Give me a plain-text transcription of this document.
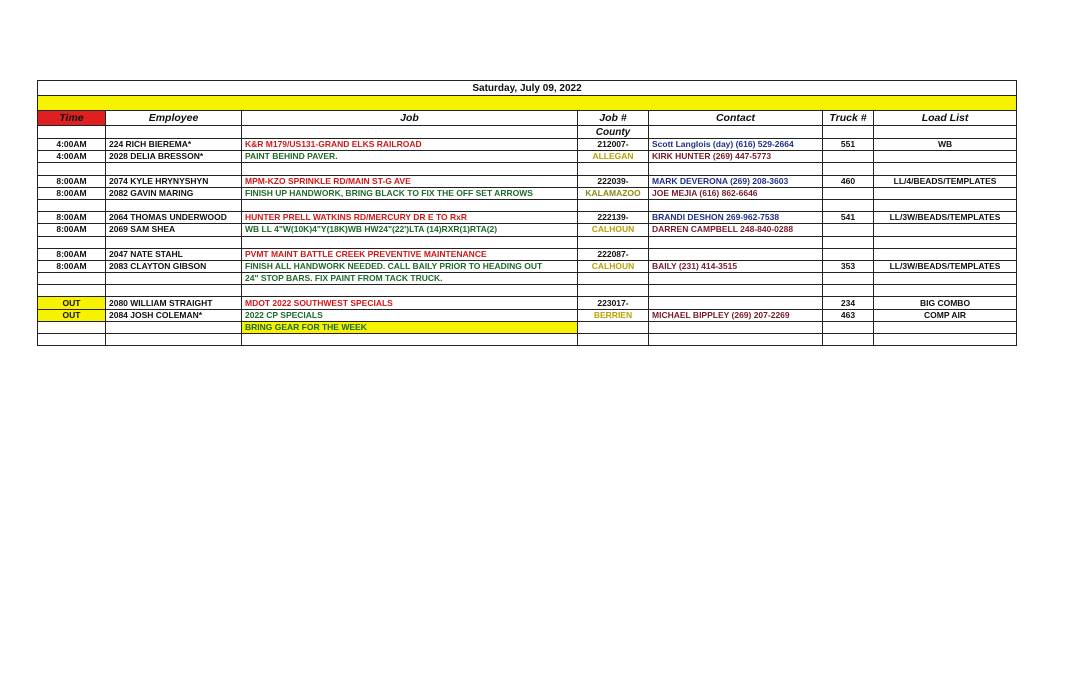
Saturday, July 09, 2022						

Time	Employee	Job	Job #	Contact	Truck #	Load List
			County			
4:00AM	224 RICH BIEREMA*	K&R M179/US131-GRAND ELKS RAILROAD	212007-	Scott Langlois (day) (616) 529-2664	551	WB
4:00AM	2028 DELIA BRESSON*	PAINT BEHIND PAVER.	ALLEGAN	KIRK HUNTER (269) 447-5773		

8:00AM	2074 KYLE HRYNYSHYN	MPM-KZO SPRINKLE RD/MAIN ST-G AVE	222039-	MARK DEVERONA (269) 208-3603	460	LL/4/BEADS/TEMPLATES
8:00AM	2082 GAVIN MARING	FINISH UP HANDWORK, BRING BLACK TO FIX THE OFF SET ARROWS	KALAMAZOO	JOE MEJIA (616) 862-6646		

8:00AM	2064 THOMAS UNDERWOOD	HUNTER PRELL WATKINS RD/MERCURY DR E TO RxR	222139-	BRANDI DESHON 269-962-7538	541	LL/3W/BEADS/TEMPLATES
8:00AM	2069 SAM SHEA	WB LL 4"W(10K)4"Y(18K)WB HW24"(22')LTA (14)RXR(1)RTA(2)	CALHOUN	DARREN CAMPBELL 248-840-0288		

8:00AM	2047 NATE STAHL	PVMT MAINT BATTLE CREEK PREVENTIVE MAINTENANCE	222087-			
8:00AM	2083 CLAYTON GIBSON	FINISH ALL HANDWORK NEEDED. CALL BAILY PRIOR TO HEADING OUT	CALHOUN	BAILY (231) 414-3515	353	LL/3W/BEADS/TEMPLATES
		24" STOP BARS. FIX PAINT FROM TACK TRUCK.				

OUT	2080 WILLIAM STRAIGHT	MDOT 2022 SOUTHWEST SPECIALS	223017-		234	BIG COMBO
OUT	2084 JOSH COLEMAN*	2022 CP SPECIALS	BERRIEN	MICHAEL BIPPLEY (269) 207-2269	463	COMP AIR
		BRING GEAR FOR THE WEEK				
